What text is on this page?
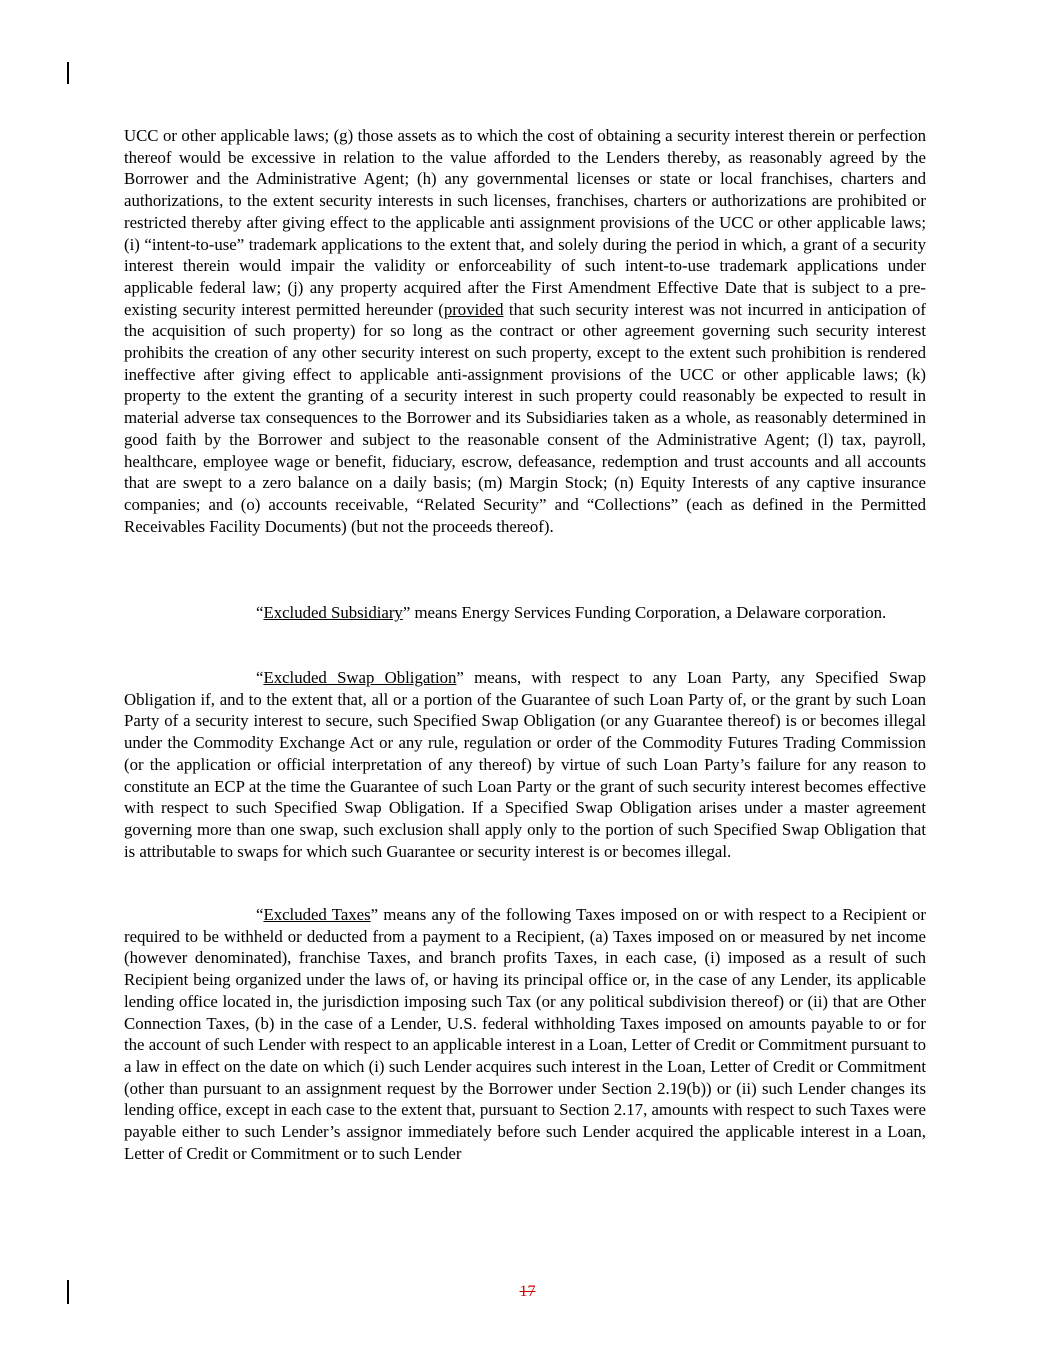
UCC or other applicable laws; (g) those assets as to which the cost of obtaining a security interest therein or perfection thereof would be excessive in relation to the value afforded to the Lenders thereby, as reasonably agreed by the Borrower and the Administrative Agent; (h) any governmental licenses or state or local franchises, charters and authorizations, to the extent security interests in such licenses, franchises, charters or authorizations are prohibited or restricted thereby after giving effect to the applicable anti assignment provisions of the UCC or other applicable laws; (i) “intent-to-use” trademark applications to the extent that, and solely during the period in which, a grant of a security interest therein would impair the validity or enforceability of such intent-to-use trademark applications under applicable federal law; (j) any property acquired after the First Amendment Effective Date that is subject to a pre-existing security interest permitted hereunder (provided that such security interest was not incurred in anticipation of the acquisition of such property) for so long as the contract or other agreement governing such security interest prohibits the creation of any other security interest on such property, except to the extent such prohibition is rendered ineffective after giving effect to applicable anti-assignment provisions of the UCC or other applicable laws; (k) property to the extent the granting of a security interest in such property could reasonably be expected to result in material adverse tax consequences to the Borrower and its Subsidiaries taken as a whole, as reasonably determined in good faith by the Borrower and subject to the reasonable consent of the Administrative Agent; (l) tax, payroll, healthcare, employee wage or benefit, fiduciary, escrow, defeasance, redemption and trust accounts and all accounts that are swept to a zero balance on a daily basis; (m) Margin Stock; (n) Equity Interests of any captive insurance companies; and (o) accounts receivable, “Related Security” and “Collections” (each as defined in the Permitted Receivables Facility Documents) (but not the proceeds thereof).

“Excluded Subsidiary” means Energy Services Funding Corporation, a Delaware corporation.

“Excluded Swap Obligation” means, with respect to any Loan Party, any Specified Swap Obligation if, and to the extent that, all or a portion of the Guarantee of such Loan Party of, or the grant by such Loan Party of a security interest to secure, such Specified Swap Obligation (or any Guarantee thereof) is or becomes illegal under the Commodity Exchange Act or any rule, regulation or order of the Commodity Futures Trading Commission (or the application or official interpretation of any thereof) by virtue of such Loan Party’s failure for any reason to constitute an ECP at the time the Guarantee of such Loan Party or the grant of such security interest becomes effective with respect to such Specified Swap Obligation. If a Specified Swap Obligation arises under a master agreement governing more than one swap, such exclusion shall apply only to the portion of such Specified Swap Obligation that is attributable to swaps for which such Guarantee or security interest is or becomes illegal.

“Excluded Taxes” means any of the following Taxes imposed on or with respect to a Recipient or required to be withheld or deducted from a payment to a Recipient, (a) Taxes imposed on or measured by net income (however denominated), franchise Taxes, and branch profits Taxes, in each case, (i) imposed as a result of such Recipient being organized under the laws of, or having its principal office or, in the case of any Lender, its applicable lending office located in, the jurisdiction imposing such Tax (or any political subdivision thereof) or (ii) that are Other Connection Taxes, (b) in the case of a Lender, U.S. federal withholding Taxes imposed on amounts payable to or for the account of such Lender with respect to an applicable interest in a Loan, Letter of Credit or Commitment pursuant to a law in effect on the date on which (i) such Lender acquires such interest in the Loan, Letter of Credit or Commitment (other than pursuant to an assignment request by the Borrower under Section 2.19(b)) or (ii) such Lender changes its lending office, except in each case to the extent that, pursuant to Section 2.17, amounts with respect to such Taxes were payable either to such Lender’s assignor immediately before such Lender acquired the applicable interest in a Loan, Letter of Credit or Commitment or to such Lender

17
